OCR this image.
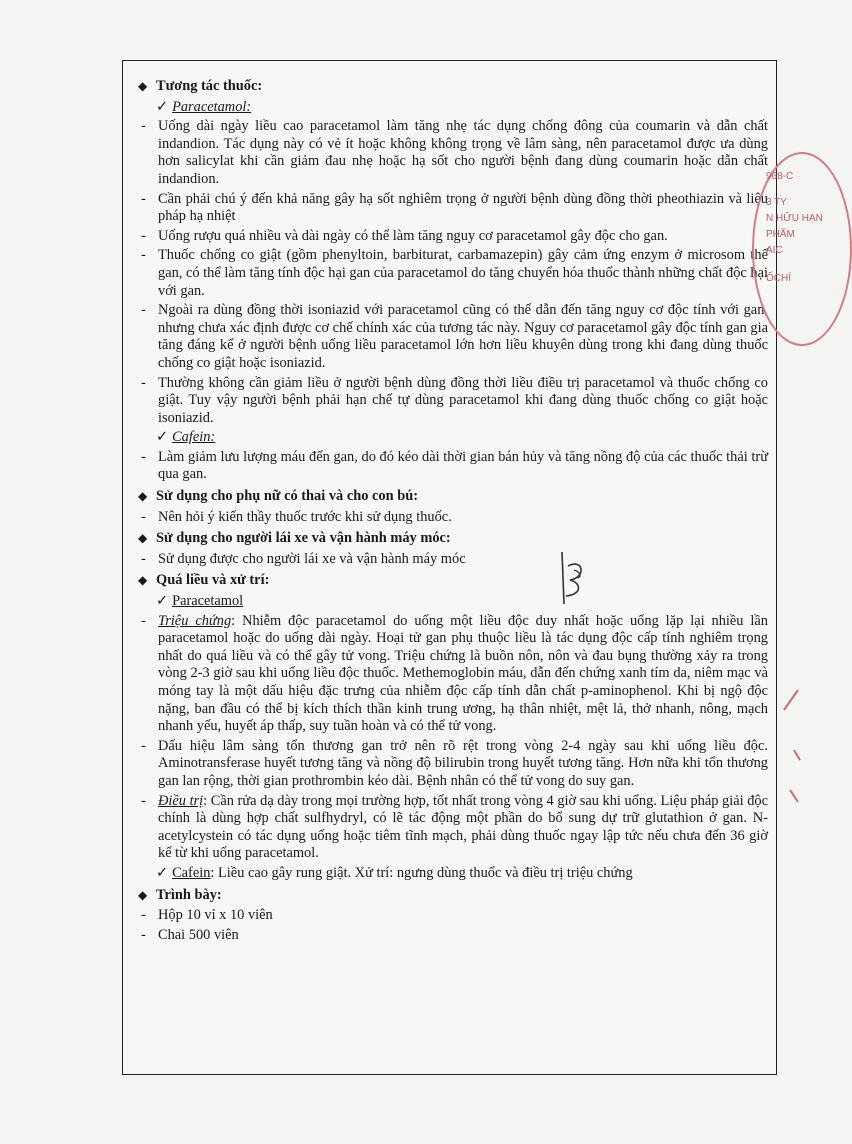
◆ Tương tác thuốc:
✓ Paracetamol:
- Uống dài ngày liều cao paracetamol làm tăng nhẹ tác dụng chống đông của coumarin và dẫn chất indandion. Tác dụng này có vẻ ít hoặc không không trọng về lâm sàng, nên paracetamol được ưa dùng hơn salicylat khi cần giảm đau nhẹ hoặc hạ sốt cho người bệnh đang dùng coumarin hoặc dẫn chất indandion.
- Cần phải chú ý đến khả năng gây hạ sốt nghiêm trọng ở người bệnh dùng đồng thời pheothiazin và liệu pháp hạ nhiệt
- Uống rượu quá nhiều và dài ngày có thể làm tăng nguy cơ paracetamol gây độc cho gan.
- Thuốc chống co giật (gồm phenyltoin, barbiturat, carbamazepin) gây cảm ứng enzym ở microsom thể gan, có thể làm tăng tính độc hại gan của paracetamol do tăng chuyển hóa thuốc thành những chất độc hại với gan.
- Ngoài ra dùng đồng thời isoniazid với paracetamol cũng có thể dẫn đến tăng nguy cơ độc tính với gan, nhưng chưa xác định được cơ chế chính xác của tương tác này. Nguy cơ paracetamol gây độc tính gan gia tăng đáng kể ở người bệnh uống liều paracetamol lớn hơn liều khuyên dùng trong khi đang dùng thuốc chống co giật hoặc isoniazid.
- Thường không cần giảm liều ở người bệnh dùng đồng thời liều điều trị paracetamol và thuốc chống co giật. Tuy vậy người bệnh phải hạn chế tự dùng paracetamol khi đang dùng thuốc chống co giật hoặc isoniazid.
✓ Cafein:
- Làm giảm lưu lượng máu đến gan, do đó kéo dài thời gian bán hủy và tăng nồng độ của các thuốc thải trừ qua gan.
◆ Sử dụng cho phụ nữ có thai và cho con bú:
- Nên hỏi ý kiến thầy thuốc trước khi sử dụng thuốc.
◆ Sử dụng cho người lái xe và vận hành máy móc:
- Sử dụng được cho người lái xe và vận hành máy móc
◆ Quá liều và xử trí:
✓ Paracetamol
- Triệu chứng: Nhiễm độc paracetamol do uống một liều độc duy nhất hoặc uống lặp lại nhiều lần paracetamol hoặc do uống dài ngày. Hoại tử gan phụ thuộc liều là tác dụng độc cấp tính nghiêm trọng nhất do quá liều và có thể gây tử vong. Triệu chứng là buồn nôn, nôn và đau bụng thường xảy ra trong vòng 2-3 giờ sau khi uống liều độc thuốc. Methemoglobin máu, dẫn đến chứng xanh tím da, niêm mạc và móng tay là một dấu hiệu đặc trưng của nhiễm độc cấp tính dẫn chất p-aminophenol. Khi bị ngộ độc nặng, ban đầu có thể bị kích thích thần kinh trung ương, hạ thân nhiệt, mệt lả, thở nhanh, nông, mạch nhanh yếu, huyết áp thấp, suy tuần hoàn và có thể tử vong.
- Dấu hiệu lâm sàng tổn thương gan trở nên rõ rệt trong vòng 2-4 ngày sau khi uống liều độc. Aminotransferase huyết tương tăng và nồng độ bilirubin trong huyết tương tăng. Hơn nữa khi tổn thương gan lan rộng, thời gian prothrombin kéo dài. Bệnh nhân có thể tử vong do suy gan.
- Điều trị: Cần rửa dạ dày trong mọi trường hợp, tốt nhất trong vòng 4 giờ sau khi uống. Liệu pháp giải độc chính là dùng hợp chất sulfhydryl, có lẽ tác động một phần do bổ sung dự trữ glutathion ở gan. N-acetylcystein có tác dụng uống hoặc tiêm tĩnh mạch, phải dùng thuốc ngay lập tức nếu chưa đến 36 giờ kể từ khi uống paracetamol.
✓ Cafein: Liều cao gây rung giật. Xử trí: ngưng dùng thuốc và điều trị triệu chứng
◆ Trình bày:
- Hộp 10 vỉ x 10 viên
- Chai 500 viên
968-C
3 TY
N HỮU HẠN
PHẨM
AIC
ỐCHÍ
